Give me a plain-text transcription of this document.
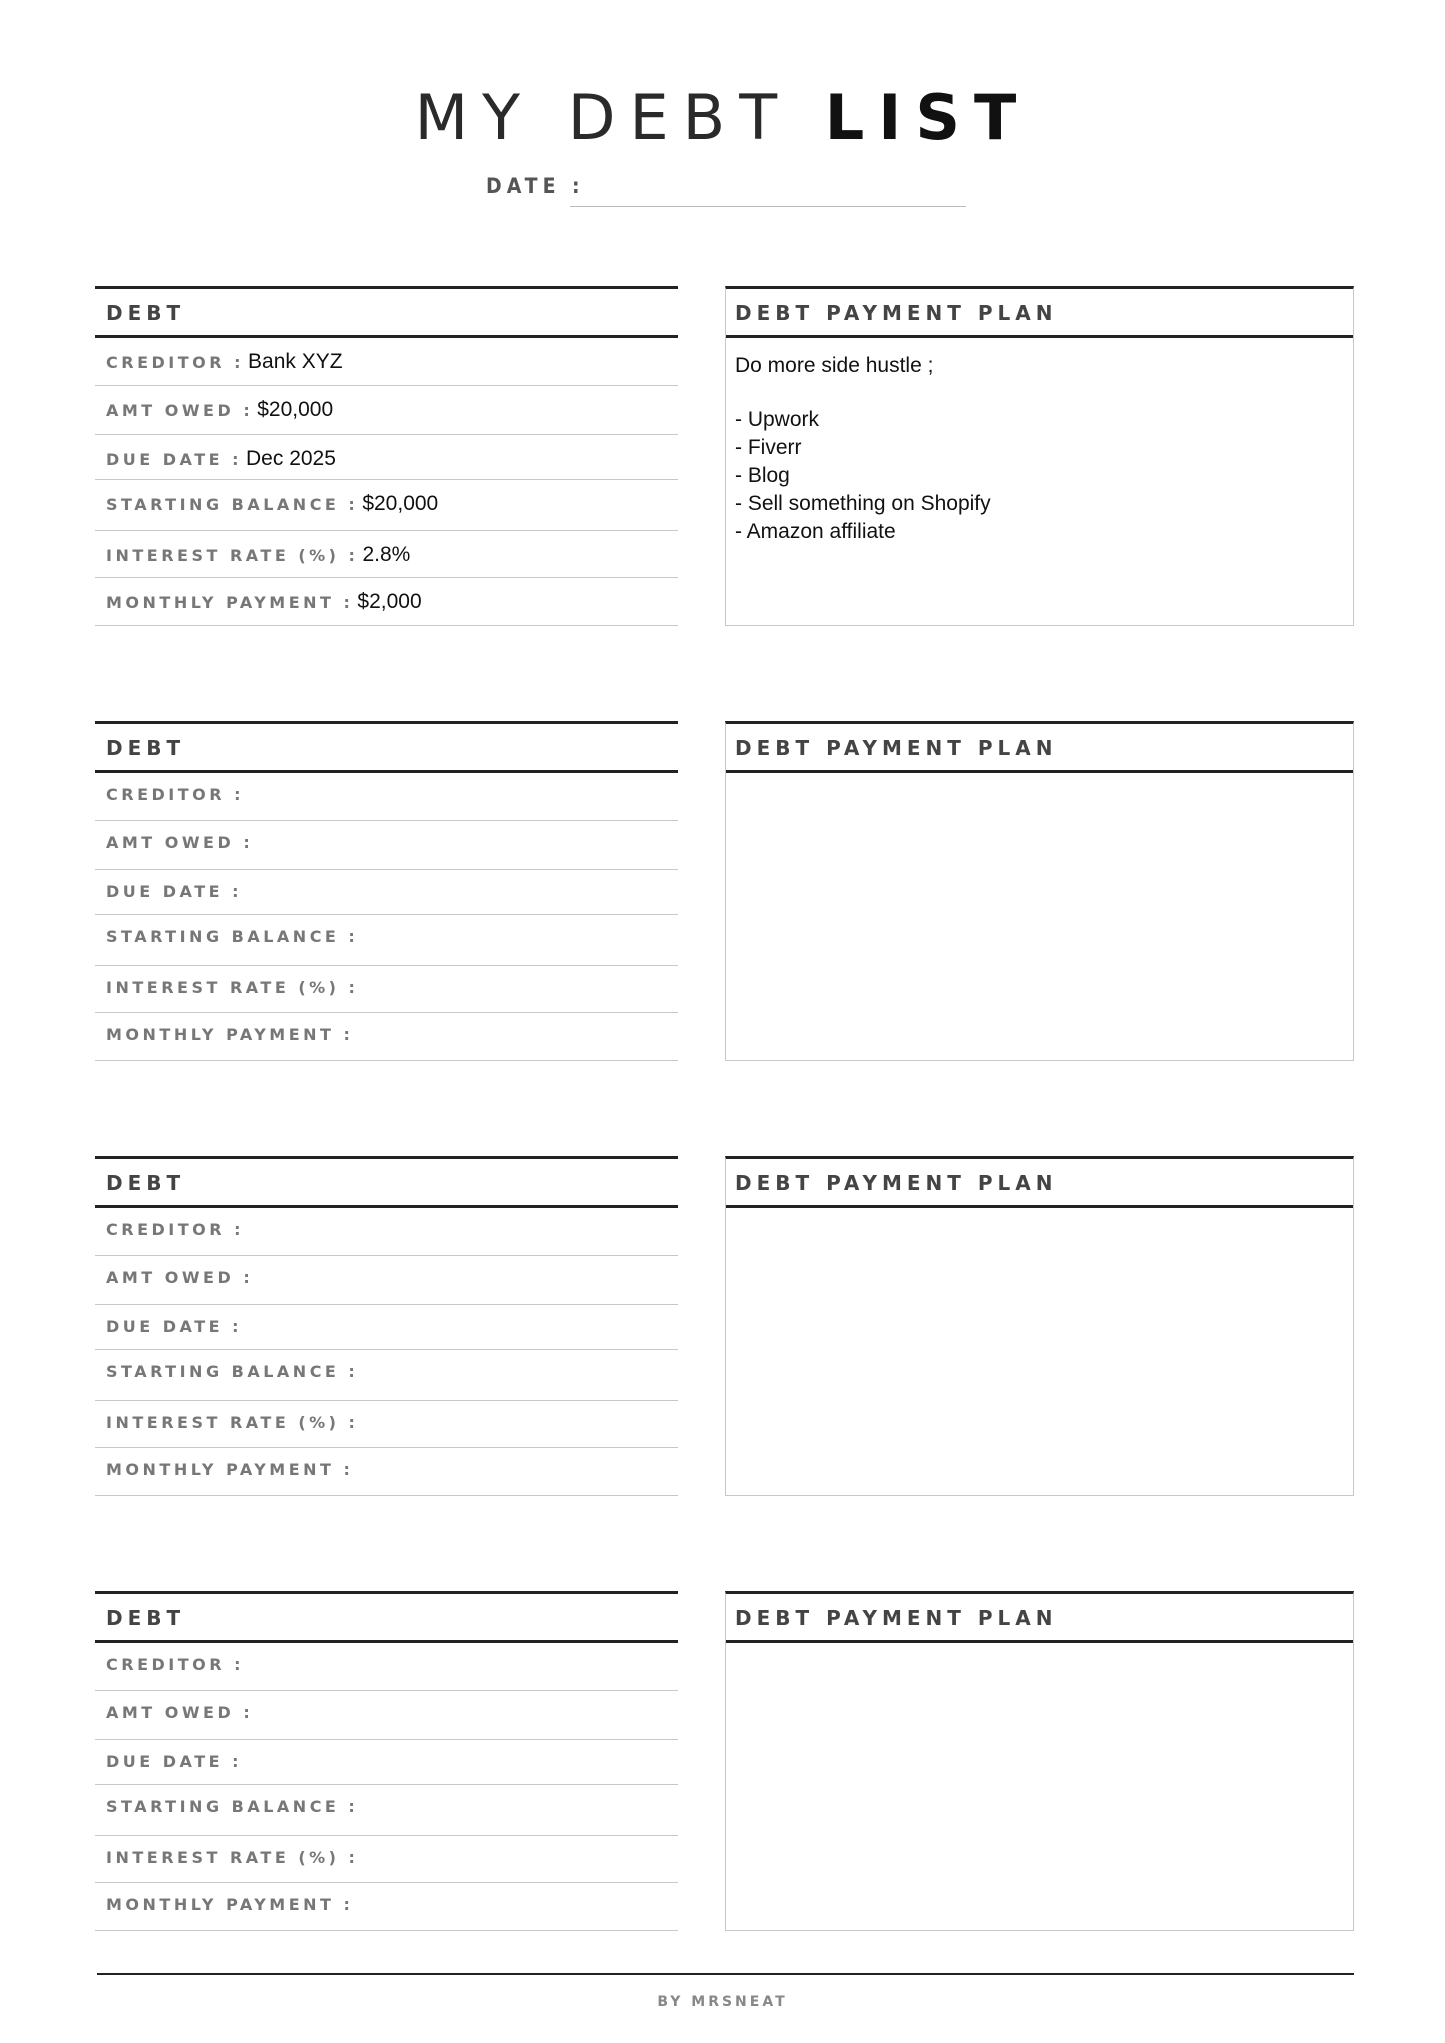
MY DEBT LIST
DATE :
DEBT
CREDITOR : Bank XYZ
AMT OWED : $20,000
DUE DATE : Dec 2025
STARTING BALANCE : $20,000
INTEREST RATE (%) : 2.8%
MONTHLY PAYMENT : $2,000
DEBT PAYMENT PLAN
Do more side hustle ;
- Upwork
- Fiverr
- Blog
- Sell something on Shopify
- Amazon affiliate
DEBT
CREDITOR :
AMT OWED :
DUE DATE :
STARTING BALANCE :
INTEREST RATE (%) :
MONTHLY PAYMENT :
DEBT PAYMENT PLAN
DEBT
CREDITOR :
AMT OWED :
DUE DATE :
STARTING BALANCE :
INTEREST RATE (%) :
MONTHLY PAYMENT :
DEBT PAYMENT PLAN
DEBT
CREDITOR :
AMT OWED :
DUE DATE :
STARTING BALANCE :
INTEREST RATE (%) :
MONTHLY PAYMENT :
DEBT PAYMENT PLAN
BY MRSNEAT
